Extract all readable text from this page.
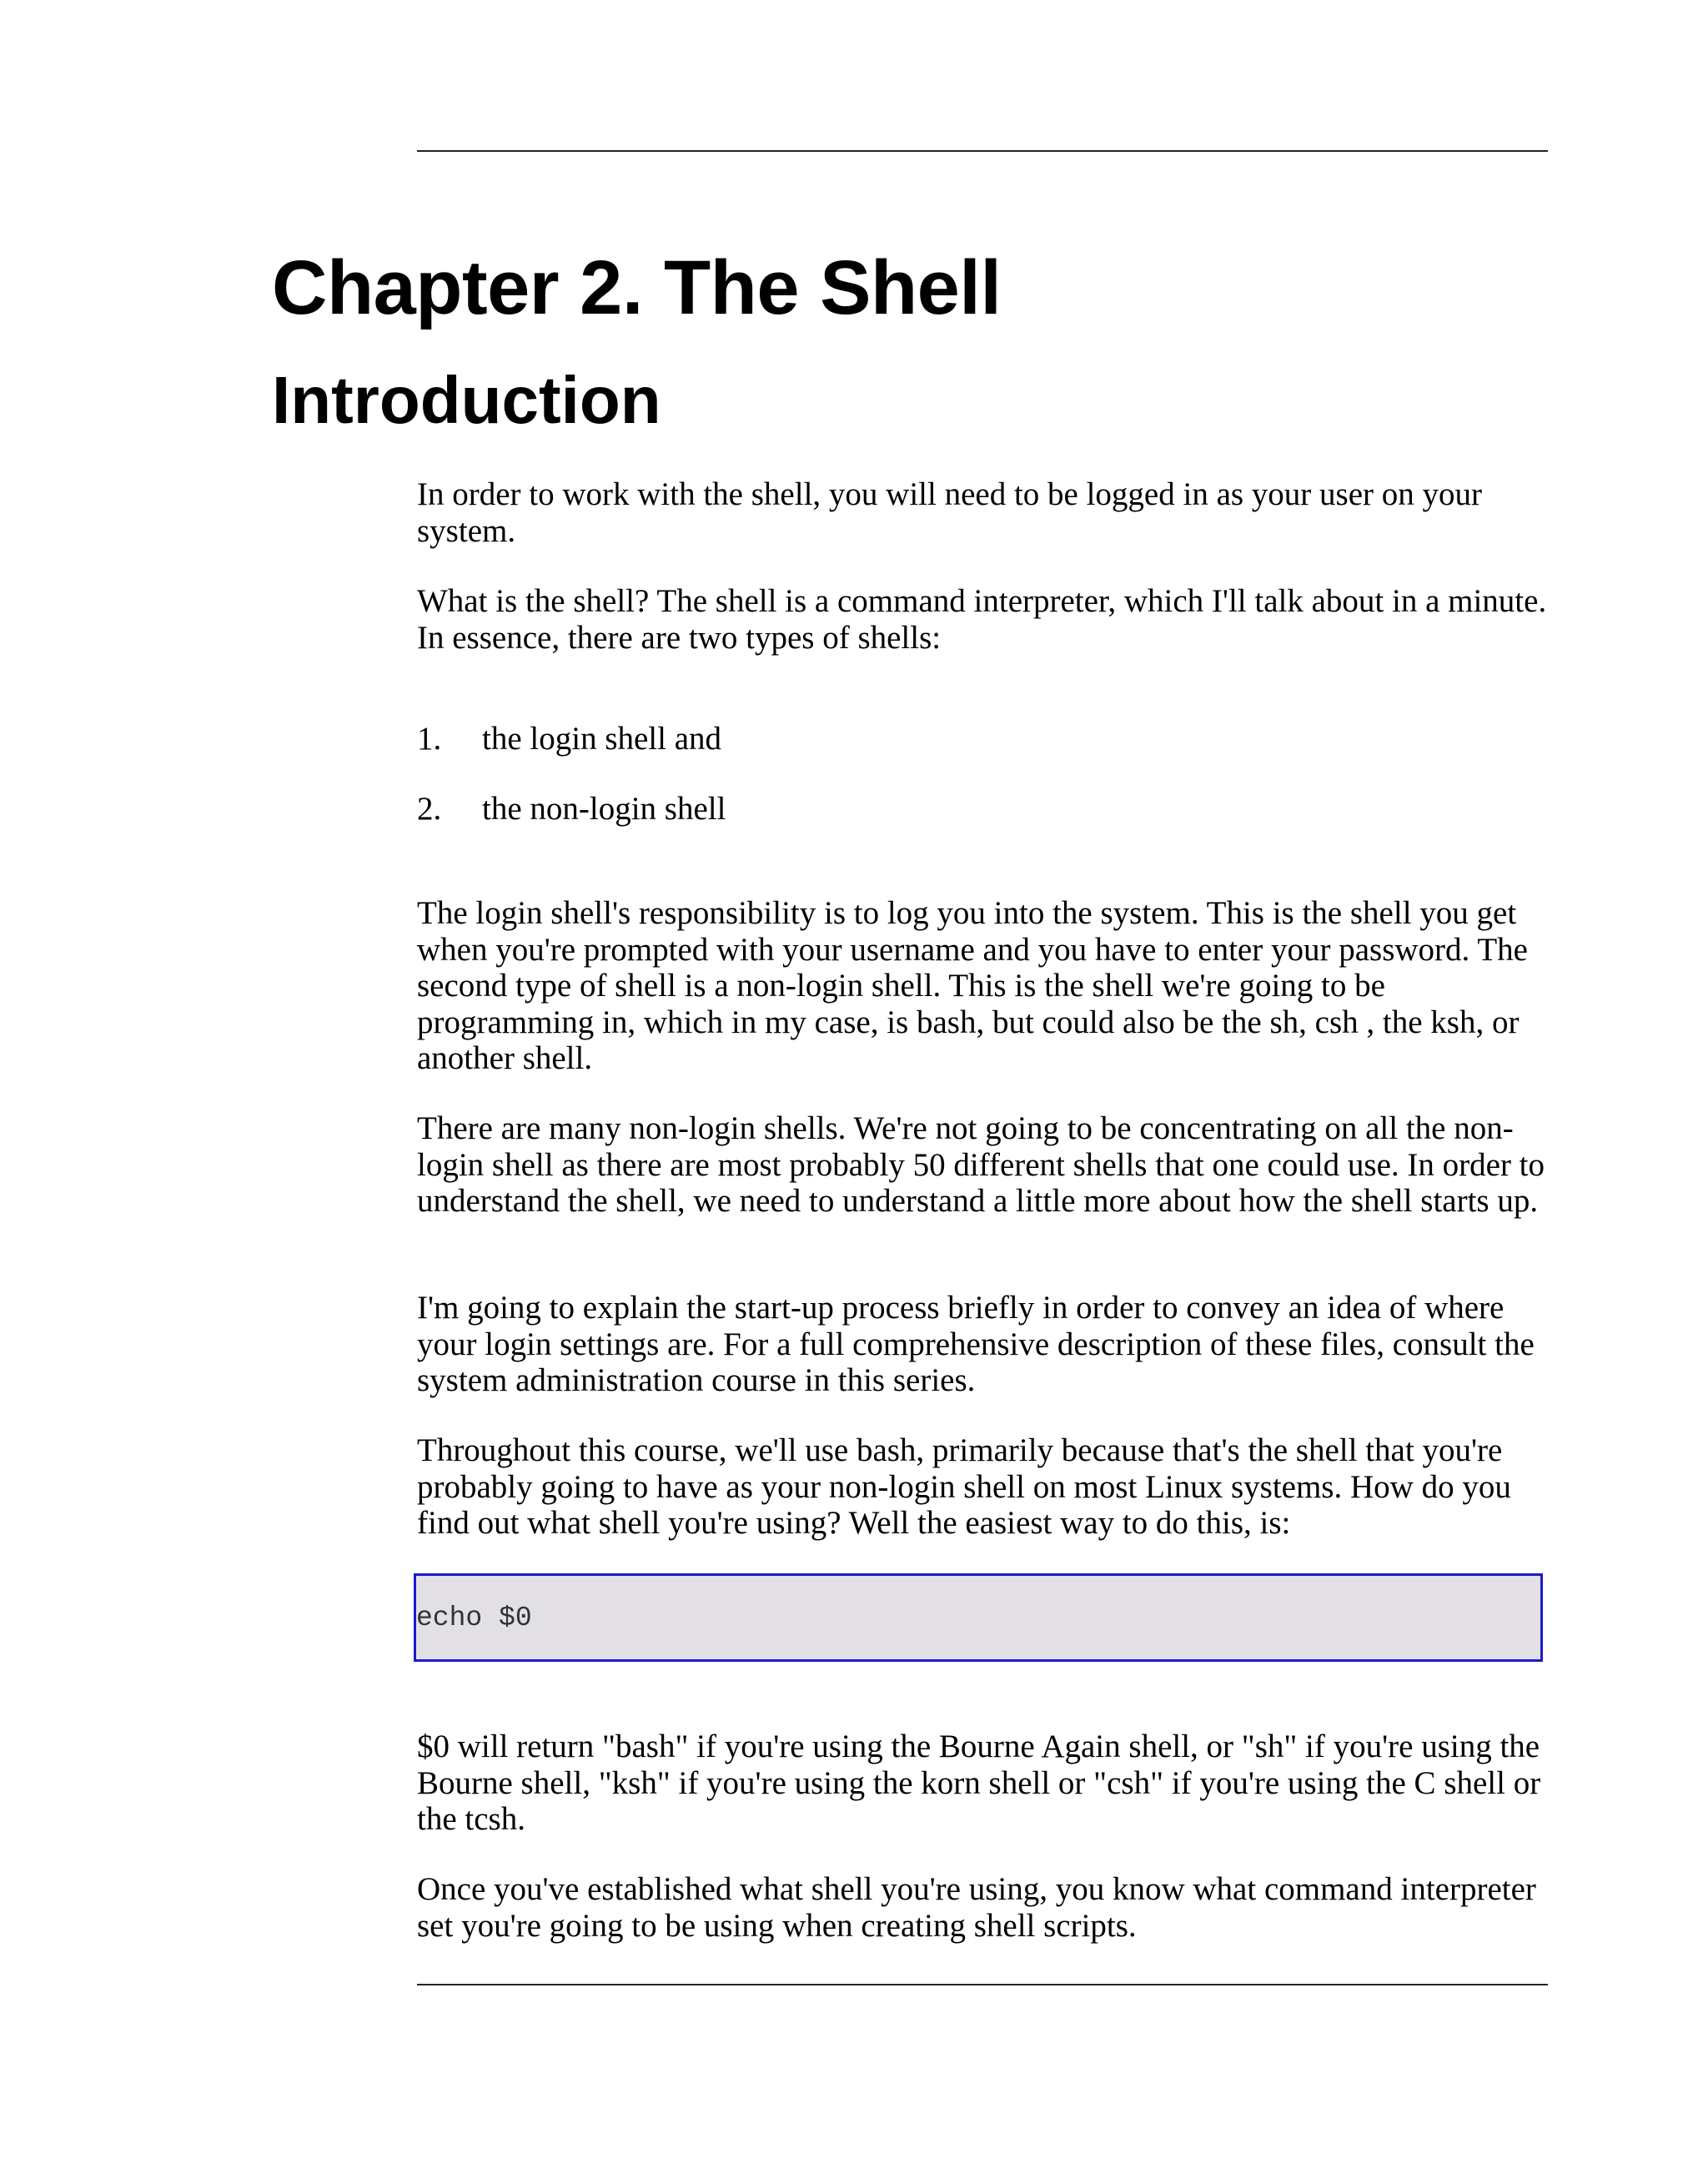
Chapter 2. The Shell
Introduction

In order to work with the shell, you will need to be logged in as your user on your system.

What is the shell? The shell is a command interpreter, which I'll talk about in a minute. In essence, there are two types of shells:

1. the login shell and
2. the non-login shell

The login shell's responsibility is to log you into the system. This is the shell you get when you're prompted with your username and you have to enter your password. The second type of shell is a non-login shell. This is the shell we're going to be programming in, which in my case, is bash, but could also be the sh, csh , the ksh, or another shell.

There are many non-login shells. We're not going to be concentrating on all the non-login shell as there are most probably 50 different shells that one could use. In order to understand the shell, we need to understand a little more about how the shell starts up.

I'm going to explain the start-up process briefly in order to convey an idea of where your login settings are. For a full comprehensive description of these files, consult the system administration course in this series.

Throughout this course, we'll use bash, primarily because that's the shell that you're probably going to have as your non-login shell on most Linux systems. How do you find out what shell you're using? Well the easiest way to do this, is:

echo $0

$0 will return "bash" if you're using the Bourne Again shell, or "sh" if you're using the Bourne shell, "ksh" if you're using the korn shell or "csh" if you're using the C shell or the tcsh.

Once you've established what shell you're using, you know what command interpreter set you're going to be using when creating shell scripts.
